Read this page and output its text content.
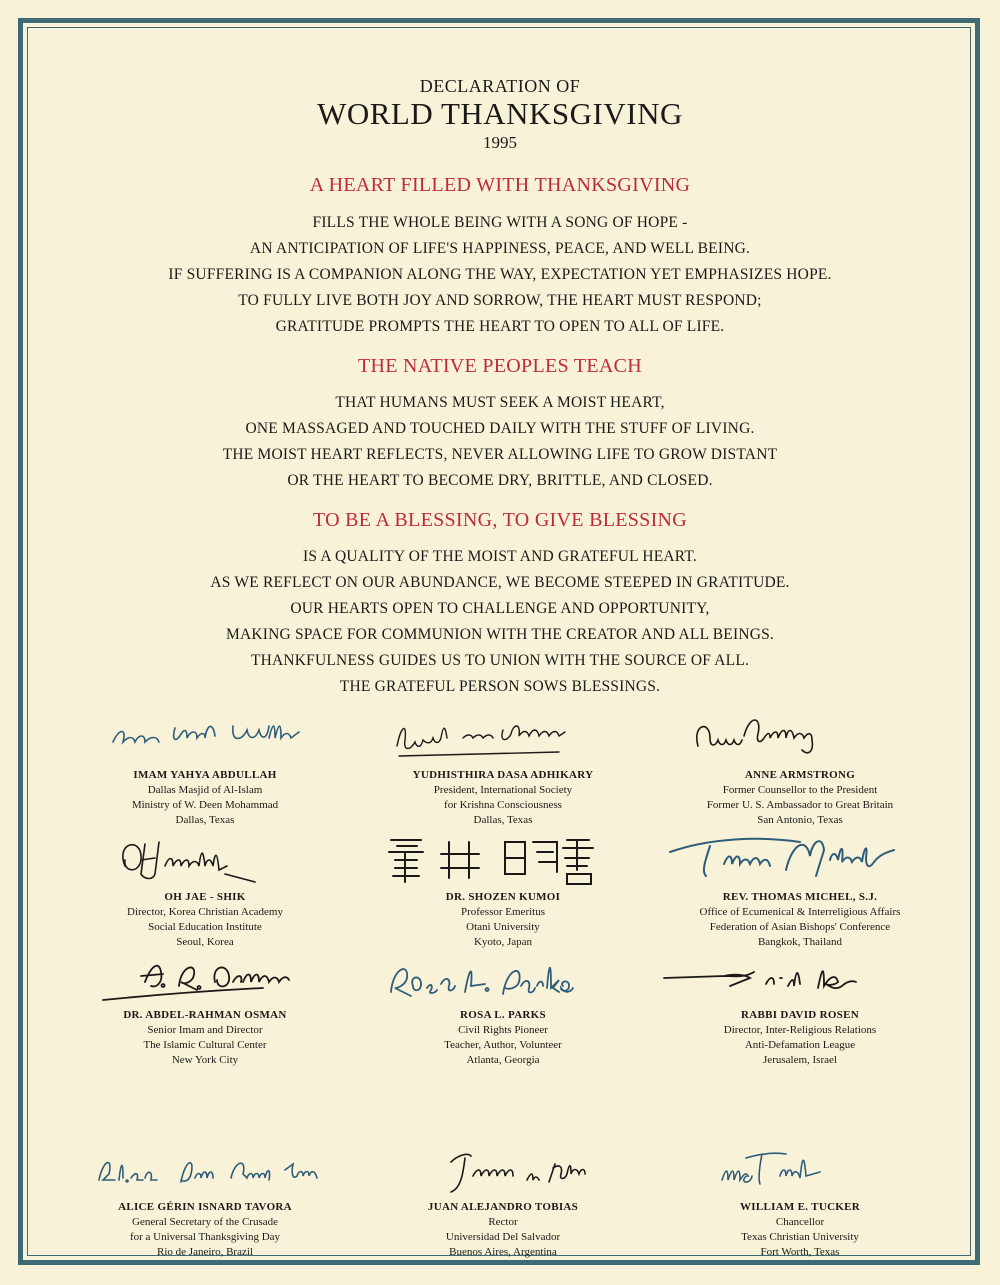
DECLARATION OF
WORLD THANKSGIVING
1995
A HEART FILLED WITH THANKSGIVING
FILLS THE WHOLE BEING WITH A SONG OF HOPE -
AN ANTICIPATION OF LIFE'S HAPPINESS, PEACE, AND WELL BEING.
IF SUFFERING IS A COMPANION ALONG THE WAY, EXPECTATION YET EMPHASIZES HOPE.
TO FULLY LIVE BOTH JOY AND SORROW, THE HEART MUST RESPOND;
GRATITUDE PROMPTS THE HEART TO OPEN TO ALL OF LIFE.
THE NATIVE PEOPLES TEACH
THAT HUMANS MUST SEEK A MOIST HEART,
ONE MASSAGED AND TOUCHED DAILY WITH THE STUFF OF LIVING.
THE MOIST HEART REFLECTS, NEVER ALLOWING LIFE TO GROW DISTANT
OR THE HEART TO BECOME DRY, BRITTLE, AND CLOSED.
TO BE A BLESSING, TO GIVE BLESSING
IS A QUALITY OF THE MOIST AND GRATEFUL HEART.
AS WE REFLECT ON OUR ABUNDANCE, WE BECOME STEEPED IN GRATITUDE.
OUR HEARTS OPEN TO CHALLENGE AND OPPORTUNITY,
MAKING SPACE FOR COMMUNION WITH THE CREATOR AND ALL BEINGS.
THANKFULNESS GUIDES US TO UNION WITH THE SOURCE OF ALL.
THE GRATEFUL PERSON SOWS BLESSINGS.
IMAM YAHYA ABDULLAH
Dallas Masjid of Al-Islam
Ministry of W. Deen Mohammad
Dallas, Texas
YUDHISTHIRA DASA ADHIKARY
President, International Society
for Krishna Consciousness
Dallas, Texas
ANNE ARMSTRONG
Former Counsellor to the President
Former U. S. Ambassador to Great Britain
San Antonio, Texas
OH JAE - SHIK
Director, Korea Christian Academy
Social Education Institute
Seoul, Korea
DR. SHOZEN KUMOI
Professor Emeritus
Otani University
Kyoto, Japan
REV. THOMAS MICHEL, S.J.
Office of Ecumenical & Interreligious Affairs
Federation of Asian Bishops' Conference
Bangkok, Thailand
DR. ABDEL-RAHMAN OSMAN
Senior Imam and Director
The Islamic Cultural Center
New York City
ROSA L. PARKS
Civil Rights Pioneer
Teacher, Author, Volunteer
Atlanta, Georgia
RABBI DAVID ROSEN
Director, Inter-Religious Relations
Anti-Defamation League
Jerusalem, Israel
ALICE GÉRIN ISNARD TAVORA
General Secretary of the Crusade
for a Universal Thanksgiving Day
Rio de Janeiro, Brazil
JUAN ALEJANDRO TOBIAS
Rector
Universidad Del Salvador
Buenos Aires, Argentina
WILLIAM E. TUCKER
Chancellor
Texas Christian University
Fort Worth, Texas
